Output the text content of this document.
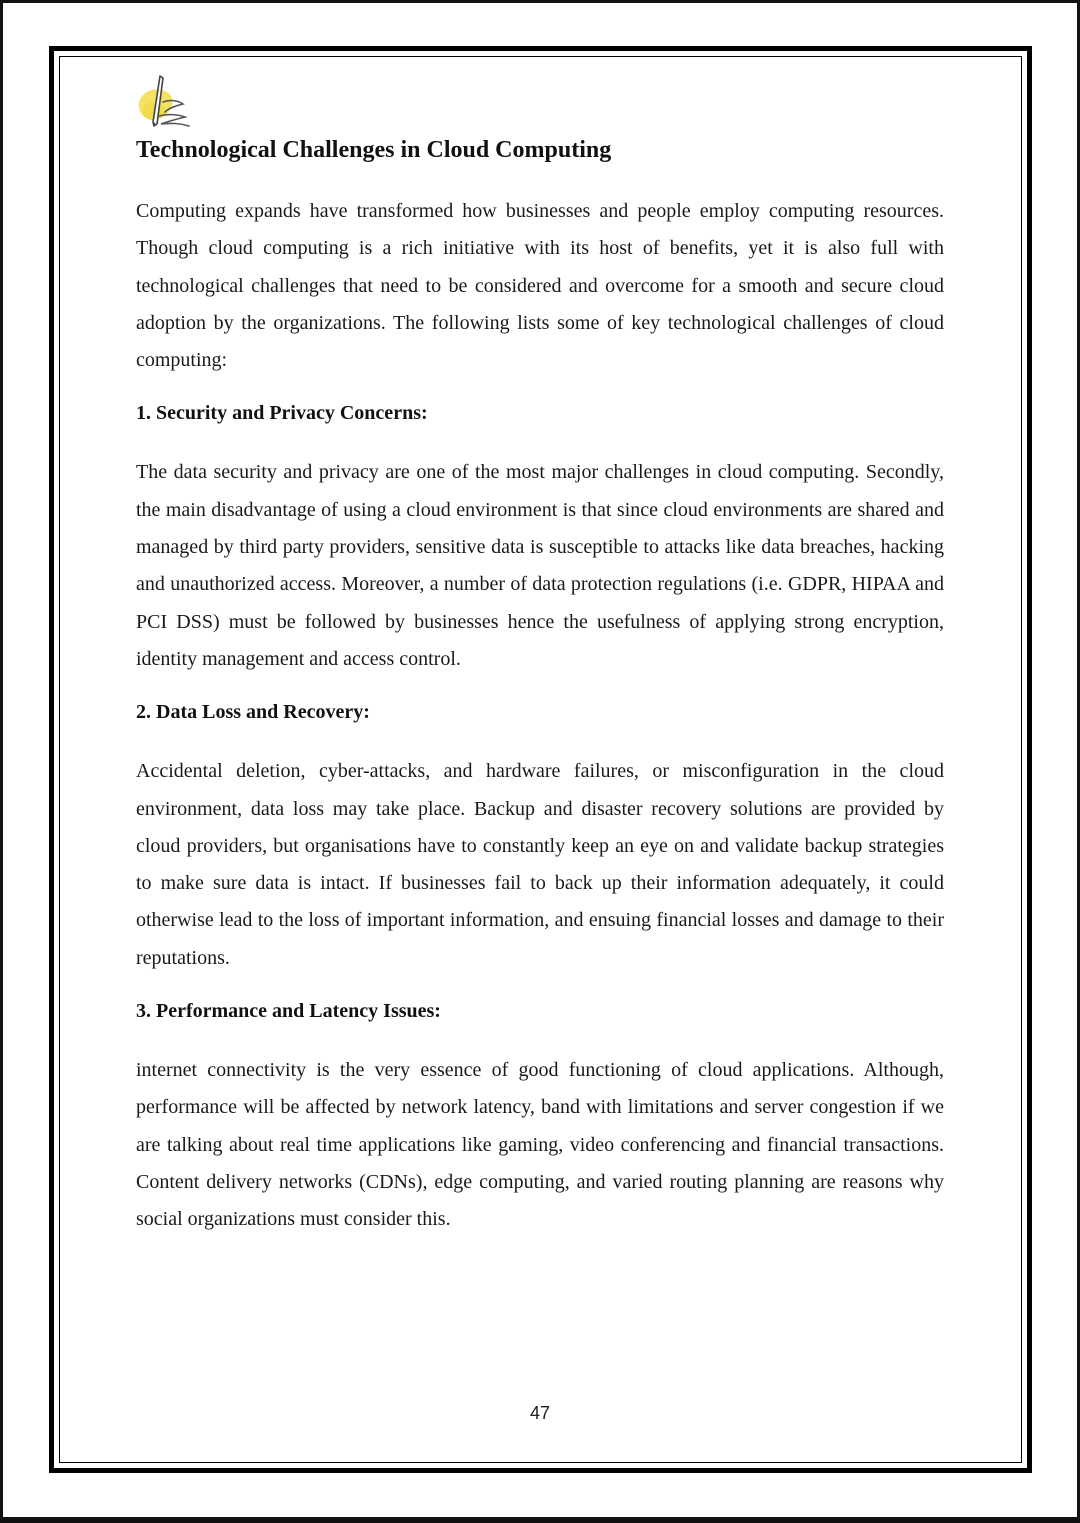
Technological Challenges in Cloud Computing

Computing expands have transformed how businesses and people employ computing resources. Though cloud computing is a rich initiative with its host of benefits, yet it is also full with technological challenges that need to be considered and overcome for a smooth and secure cloud adoption by the organizations. The following lists some of key technological challenges of cloud computing:

1. Security and Privacy Concerns:

The data security and privacy are one of the most major challenges in cloud computing. Secondly, the main disadvantage of using a cloud environment is that since cloud environments are shared and managed by third party providers, sensitive data is susceptible to attacks like data breaches, hacking and unauthorized access. Moreover, a number of data protection regulations (i.e. GDPR, HIPAA and PCI DSS) must be followed by businesses hence the usefulness of applying strong encryption, identity management and access control.

2. Data Loss and Recovery:

Accidental deletion, cyber-attacks, and hardware failures, or misconfiguration in the cloud environment, data loss may take place. Backup and disaster recovery solutions are provided by cloud providers, but organisations have to constantly keep an eye on and validate backup strategies to make sure data is intact. If businesses fail to back up their information adequately, it could otherwise lead to the loss of important information, and ensuing financial losses and damage to their reputations.

3. Performance and Latency Issues:

internet connectivity is the very essence of good functioning of cloud applications. Although, performance will be affected by network latency, band with limitations and server congestion if we are talking about real time applications like gaming, video conferencing and financial transactions. Content delivery networks (CDNs), edge computing, and varied routing planning are reasons why social organizations must consider this.

47
